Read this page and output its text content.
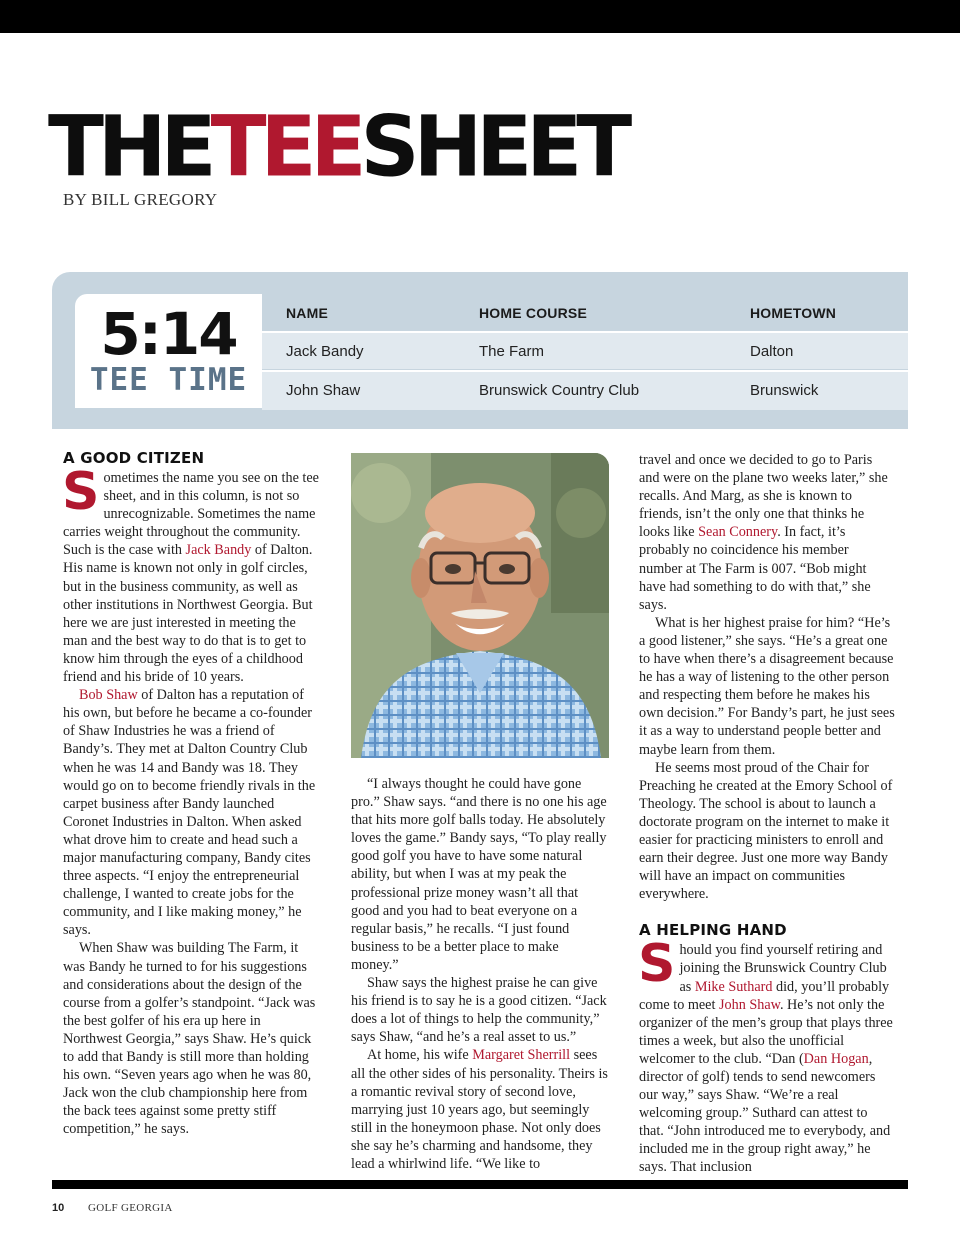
THETEESHEET
BY BILL GREGORY
5:14
TEE TIME
NAME	HOME COURSE	HOMETOWN
Jack Bandy	The Farm	Dalton
John Shaw	Brunswick Country Club	Brunswick
A GOOD CITIZEN

Sometimes the name you see on the tee sheet, and in this column, is not so unrecognizable. Sometimes the name carries weight throughout the community. Such is the case with Jack Bandy of Dalton. His name is known not only in golf circles, but in the business community, as well as other institutions in Northwest Georgia. But here we are just interested in meeting the man and the best way to do that is to get to know him through the eyes of a childhood friend and his bride of 10 years.

Bob Shaw of Dalton has a reputation of his own, but before he became a co-founder of Shaw Industries he was a friend of Bandy’s. They met at Dalton Country Club when he was 14 and Bandy was 18. They would go on to become friendly rivals in the carpet business after Bandy launched Coronet Industries in Dalton. When asked what drove him to create and head such a major manufacturing company, Bandy cites three aspects. “I enjoy the entrepreneurial challenge, I wanted to create jobs for the community, and I like making money,” he says.

When Shaw was building The Farm, it was Bandy he turned to for his suggestions and considerations about the design of the course from a golfer’s standpoint. “Jack was the best golfer of his era up here in Northwest Georgia,” says Shaw. He’s quick to add that Bandy is still more than holding his own. “Seven years ago when he was 80, Jack won the club championship here from the back tees against some pretty stiff competition,” he says.

“I always thought he could have gone pro.” Shaw says. “and there is no one his age that hits more golf balls today. He absolutely loves the game.” Bandy says, “To play really good golf you have to have some natural ability, but when I was at my peak the professional prize money wasn’t all that good and you had to beat everyone on a regular basis,” he recalls. “I just found business to be a better place to make money.”

Shaw says the highest praise he can give his friend is to say he is a good citizen. “Jack does a lot of things to help the community,” says Shaw, “and he’s a real asset to us.”

At home, his wife Margaret Sherrill sees all the other sides of his personality. Theirs is a romantic revival story of second love, marrying just 10 years ago, but seemingly still in the honeymoon phase. Not only does she say he’s charming and handsome, they lead a whirlwind life. “We like to

travel and once we decided to go to Paris and were on the plane two weeks later,” she recalls. And Marg, as she is known to friends, isn’t the only one that thinks he looks like Sean Connery. In fact, it’s probably no coincidence his member number at The Farm is 007. “Bob might have had something to do with that,” she says.

What is her highest praise for him? “He’s a good listener,” she says. “He’s a great one to have when there’s a disagreement because he has a way of listening to the other person and respecting them before he makes his own decision.” For Bandy’s part, he just sees it as a way to understand people better and maybe learn from them.

He seems most proud of the Chair for Preaching he created at the Emory School of Theology. The school is about to launch a doctorate program on the internet to make it easier for practicing ministers to enroll and earn their degree. Just one more way Bandy will have an impact on communities everywhere.

A HELPING HAND

Should you find yourself retiring and joining the Brunswick Country Club as Mike Suthard did, you’ll probably come to meet John Shaw. He’s not only the organizer of the men’s group that plays three times a week, but also the unofficial welcomer to the club. “Dan (Dan Hogan, director of golf) tends to send newcomers our way,” says Shaw. “We’re a real welcoming group.” Suthard can attest to that. “John introduced me to everybody, and included me in the group right away,” he says. That inclusion

10 GOLF GEORGIA
